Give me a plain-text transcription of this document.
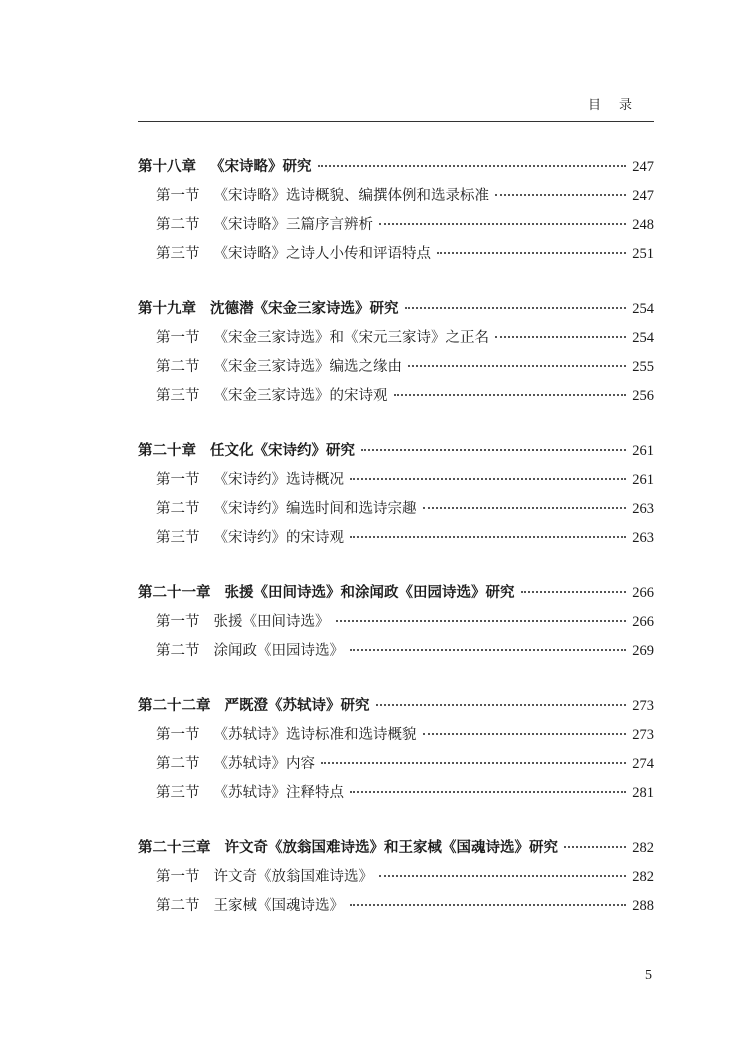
目录
第十八章 《宋诗略》研究	247
第一节 《宋诗略》选诗概貌、编撰体例和选录标准	247
第二节 《宋诗略》三篇序言辨析	248
第三节 《宋诗略》之诗人小传和评语特点	251
第十九章 沈德潜《宋金三家诗选》研究	254
第一节 《宋金三家诗选》和《宋元三家诗》之正名	254
第二节 《宋金三家诗选》编选之缘由	255
第三节 《宋金三家诗选》的宋诗观	256
第二十章 任文化《宋诗约》研究	261
第一节 《宋诗约》选诗概况	261
第二节 《宋诗约》编选时间和选诗宗趣	263
第三节 《宋诗约》的宋诗观	263
第二十一章 张援《田间诗选》和涂闻政《田园诗选》研究	266
第一节 张援《田间诗选》	266
第二节 涂闻政《田园诗选》	269
第二十二章 严既澄《苏轼诗》研究	273
第一节 《苏轼诗》选诗标准和选诗概貌	273
第二节 《苏轼诗》内容	274
第三节 《苏轼诗》注释特点	281
第二十三章 许文奇《放翁国难诗选》和王家棫《国魂诗选》研究	282
第一节 许文奇《放翁国难诗选》	282
第二节 王家棫《国魂诗选》	288
5
